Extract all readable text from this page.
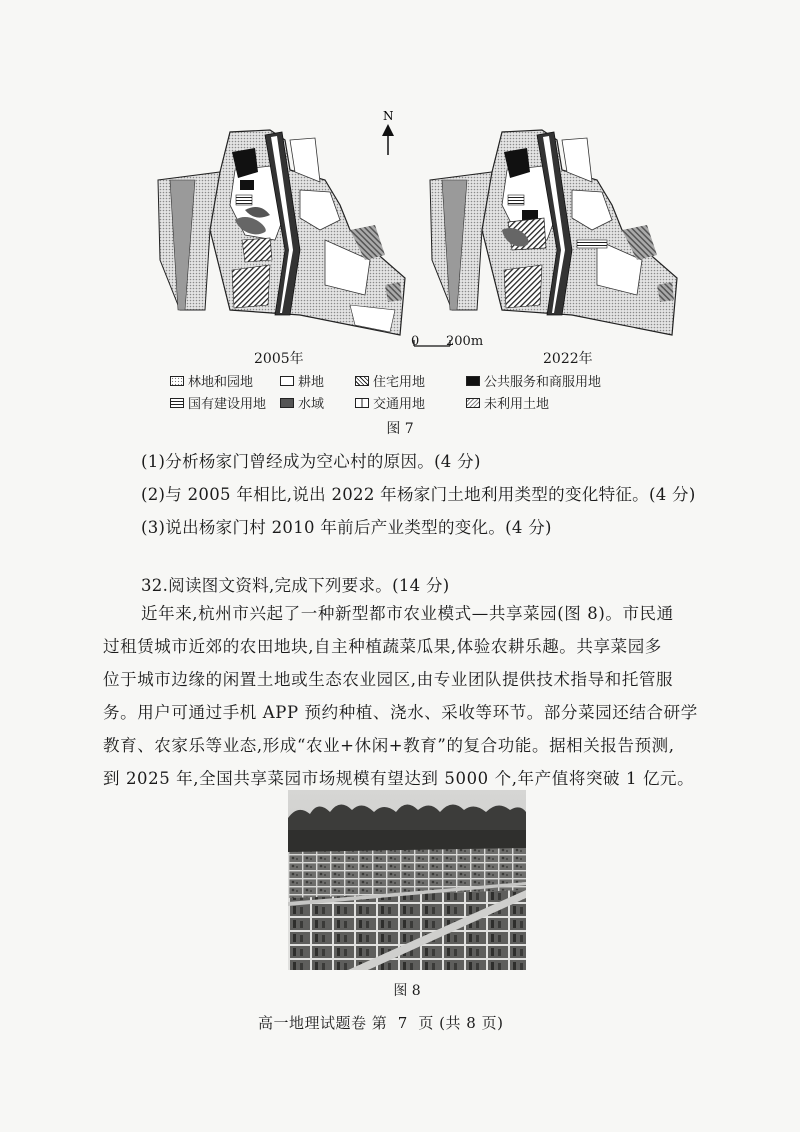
N
0 200m
2005年	2022年
林地和园地	耕地	住宅用地	公共服务和商服用地
国有建设用地 水域	交通用地	未利用土地
图 7
(1)分析杨家门曾经成为空心村的原因。(4 分)
(2)与 2005 年相比,说出 2022 年杨家门土地利用类型的变化特征。(4 分)
(3)说出杨家门村 2010 年前后产业类型的变化。(4 分)
32.阅读图文资料,完成下列要求。(14 分)
近年来,杭州市兴起了一种新型都市农业模式—共享菜园(图 8)。市民通
过租赁城市近郊的农田地块,自主种植蔬菜瓜果,体验农耕乐趣。共享菜园多
位于城市边缘的闲置土地或生态农业园区,由专业团队提供技术指导和托管服
务。用户可通过手机 APP 预约种植、浇水、采收等环节。部分菜园还结合研学
教育、农家乐等业态,形成“农业+休闲+教育”的复合功能。据相关报告预测,
到 2025 年,全国共享菜园市场规模有望达到 5000 个,年产值将突破 1 亿元。
图 8
高一地理试题卷 第  7  页 (共 8 页)
